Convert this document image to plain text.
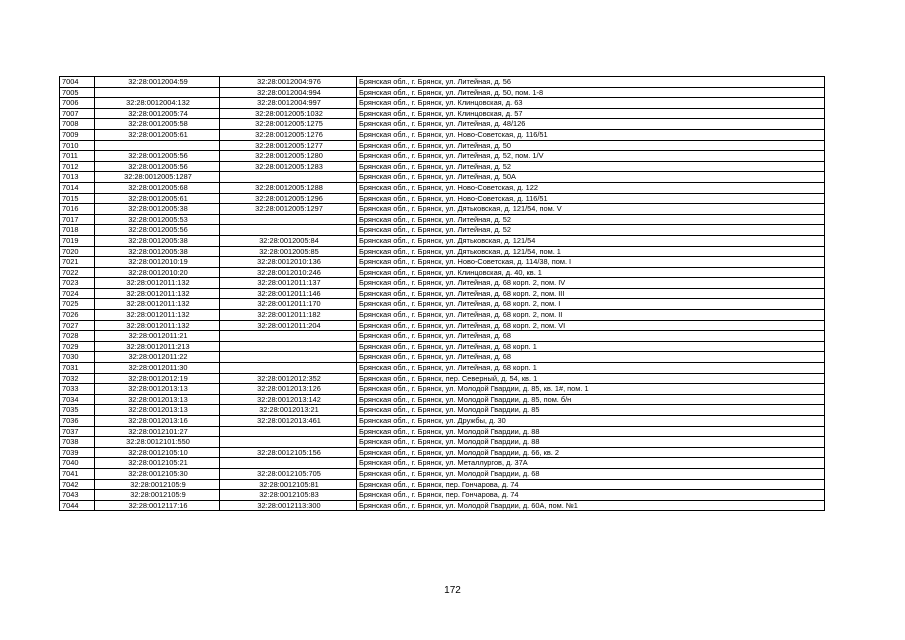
7004	32:28:0012004:59	32:28:0012004:976	Брянская обл., г. Брянск, ул. Литейная, д. 56
7005		32:28:0012004:994	Брянская обл., г. Брянск, ул. Литейная, д. 50, пом. 1-8
7006	32:28:0012004:132	32:28:0012004:997	Брянская обл., г. Брянск, ул. Клинцовская, д. 63
7007	32:28:0012005:74	32:28:0012005:1032	Брянская обл., г. Брянск, ул. Клинцовская, д. 57
7008	32:28:0012005:58	32:28:0012005:1275	Брянская обл., г. Брянск, ул. Литейная, д. 48/126
7009	32:28:0012005:61	32:28:0012005:1276	Брянская обл., г. Брянск, ул. Ново-Советская, д. 116/51
7010		32:28:0012005:1277	Брянская обл., г. Брянск, ул. Литейная, д. 50
7011	32:28:0012005:56	32:28:0012005:1280	Брянская обл., г. Брянск, ул. Литейная, д. 52, пом. 1/V
7012	32:28:0012005:56	32:28:0012005:1283	Брянская обл., г. Брянск, ул. Литейная, д. 52
7013	32:28:0012005:1287		Брянская обл., г. Брянск, ул. Литейная, д. 50А
7014	32:28:0012005:68	32:28:0012005:1288	Брянская обл., г. Брянск, ул. Ново-Советская, д. 122
7015	32:28:0012005:61	32:28:0012005:1296	Брянская обл., г. Брянск, ул. Ново-Советская, д. 116/51
7016	32:28:0012005:38	32:28:0012005:1297	Брянская обл., г. Брянск, ул. Дятьковская, д. 121/54, пом. V
7017	32:28:0012005:53		Брянская обл., г. Брянск, ул. Литейная, д. 52
7018	32:28:0012005:56		Брянская обл., г. Брянск, ул. Литейная, д. 52
7019	32:28:0012005:38	32:28:0012005:84	Брянская обл., г. Брянск, ул. Дятьковская, д. 121/54
7020	32:28:0012005:38	32:28:0012005:85	Брянская обл., г. Брянск, ул. Дятьковская, д. 121/54, пом. 1
7021	32:28:0012010:19	32:28:0012010:136	Брянская обл., г. Брянск, ул. Ново-Советская, д. 114/38, пом. I
7022	32:28:0012010:20	32:28:0012010:246	Брянская обл., г. Брянск, ул. Клинцовская, д. 40, кв. 1
7023	32:28:0012011:132	32:28:0012011:137	Брянская обл., г. Брянск, ул. Литейная, д. 68 корп. 2, пом. IV
7024	32:28:0012011:132	32:28:0012011:146	Брянская обл., г. Брянск, ул. Литейная, д. 68 корп. 2, пом. III
7025	32:28:0012011:132	32:28:0012011:170	Брянская обл., г. Брянск, ул. Литейная, д. 68 корп. 2, пом. I
7026	32:28:0012011:132	32:28:0012011:182	Брянская обл., г. Брянск, ул. Литейная, д. 68 корп. 2, пом. II
7027	32:28:0012011:132	32:28:0012011:204	Брянская обл., г. Брянск, ул. Литейная, д. 68 корп. 2, пом. VI
7028	32:28:0012011:21		Брянская обл., г. Брянск, ул. Литейная, д. 68
7029	32:28:0012011:213		Брянская обл., г. Брянск, ул. Литейная, д. 68 корп. 1
7030	32:28:0012011:22		Брянская обл., г. Брянск, ул. Литейная, д. 68
7031	32:28:0012011:30		Брянская обл., г. Брянск, ул. Литейная, д. 68 корп. 1
7032	32:28:0012012:19	32:28:0012012:352	Брянская обл., г. Брянск, пер. Северный, д. 54, кв. 1
7033	32:28:0012013:13	32:28:0012013:126	Брянская обл., г. Брянск, ул. Молодой Гвардии, д. 85, кв. 1#, пом. 1
7034	32:28:0012013:13	32:28:0012013:142	Брянская обл., г. Брянск, ул. Молодой Гвардии, д. 85, пом. б/н
7035	32:28:0012013:13	32:28:0012013:21	Брянская обл., г. Брянск, ул. Молодой Гвардии, д. 85
7036	32:28:0012013:16	32:28:0012013:461	Брянская обл., г. Брянск, ул. Дружбы, д. 30
7037	32:28:0012101:27		Брянская обл., г. Брянск, ул. Молодой Гвардии, д. 88
7038	32:28:0012101:550		Брянская обл., г. Брянск, ул. Молодой Гвардии, д. 88
7039	32:28:0012105:10	32:28:0012105:156	Брянская обл., г. Брянск, ул. Молодой Гвардии, д. 66, кв. 2
7040	32:28:0012105:21		Брянская обл., г. Брянск, ул. Металлургов, д. 37А
7041	32:28:0012105:30	32:28:0012105:705	Брянская обл., г. Брянск, ул. Молодой Гвардии, д. 68
7042	32:28:0012105:9	32:28:0012105:81	Брянская обл., г. Брянск, пер. Гончарова, д. 74
7043	32:28:0012105:9	32:28:0012105:83	Брянская обл., г. Брянск, пер. Гончарова, д. 74
7044	32:28:0012117:16	32:28:0012113:300	Брянская обл., г. Брянск, ул. Молодой Гвардии, д. 60А, пом. №1
172
